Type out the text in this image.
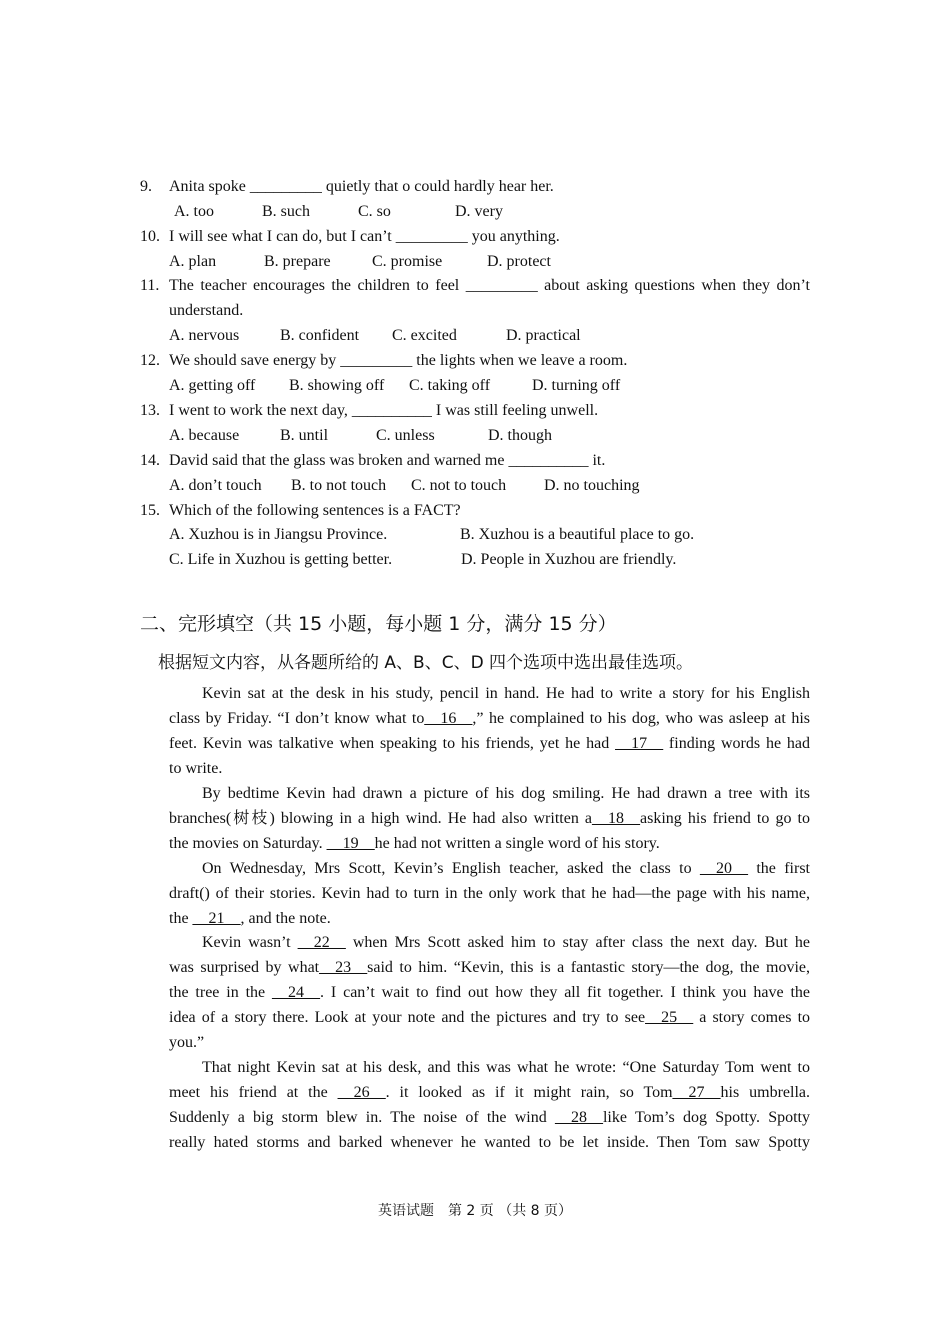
9. Anita spoke _________ quietly that o could hardly hear her.
A. too	B. such	C. so	D. very
10. I will see what I can do, but I can’t _________ you anything.
A. plan	B. prepare	C. promise	D. protect
11. The teacher encourages the children to feel _________ about asking questions when they don’t
understand.
A. nervous	B. confident C. excited	D. practical
12. We should save energy by _________ the lights when we leave a room.
A. getting off B. showing off C. taking off	D. turning off
13. I went to work the next day, __________ I was still feeling unwell.
A. because	B. until	C. unless	D. though
14. David said that the glass was broken and warned me __________ it.
A. don’t touch B. to not touch C. not to touch D. no touching
15. Which of the following sentences is a FACT?
A. Xuzhou is in Jiangsu Province.	B. Xuzhou is a beautiful place to go.
C. Life in Xuzhou is getting better.	D. People in Xuzhou are friendly.
二、完形填空（共 15 小题，每小题 1 分，满分 15 分）
根据短文内容，从各题所给的 A、B、C、D 四个选项中选出最佳选项。
Kevin sat at the desk in his study, pencil in hand. He had to write a story for his English
class by Friday. “I don’t know what to__16__,” he complained to his dog, who was asleep at his
feet. Kevin was talkative when speaking to his friends, yet he had __17__ finding words he had
to write.
By bedtime Kevin had drawn a picture of his dog smiling. He had drawn a tree with its
branches(树枝) blowing in a high wind. He had also written a__18__asking his friend to go to
the movies on Saturday. __19__he had not written a single word of his story.
On Wednesday, Mrs Scott, Kevin’s English teacher, asked the class to __20__ the first
draft() of their stories. Kevin had to turn in the only work that he had—the page with his name,
the __21__, and the note.
Kevin wasn’t __22__ when Mrs Scott asked him to stay after class the next day. But he
was surprised by what__23__said to him. “Kevin, this is a fantastic story—the dog, the movie,
the tree in the __24__. I can’t wait to find out how they all fit together. I think you have the
idea of a story there. Look at your note and the pictures and try to see__25__ a story comes to
you.”
That night Kevin sat at his desk, and this was what he wrote: “One Saturday Tom went to
meet his friend at the __26__. it looked as if it might rain, so Tom__27__his umbrella.
Suddenly a big storm blew in. The noise of the wind __28__like Tom’s dog Spotty. Spotty
really hated storms and barked whenever he wanted to be let inside. Then Tom saw Spotty
英语试题　第 2 页 （共 8 页）
